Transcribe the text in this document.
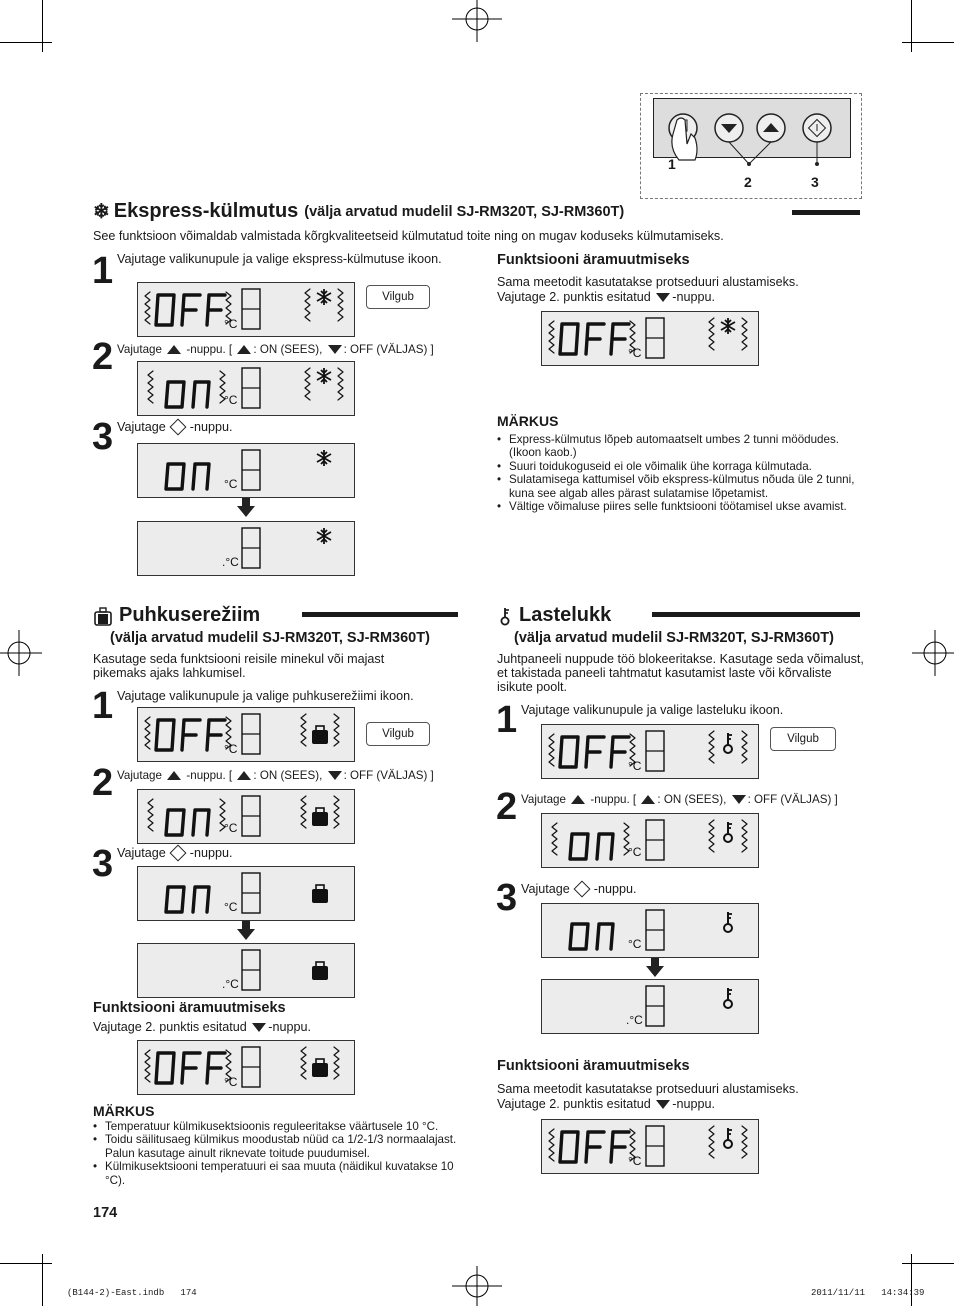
1
2	3
❄ Ekspress-külmutus (välja arvatud mudelil SJ-RM320T, SJ-RM360T)
See funktsioon võimaldab valmistada kõrgkvaliteetseid külmutatud toite ning on mugav koduseks külmutamiseks.
1 Vajutage valikunupule ja valige ekspress-külmutuse ikoon.
°C
Vilgub
2 Vajutage -nuppu. [ : ON (SEES), : OFF (VÄLJAS) ]
°C
3 Vajutage -nuppu.
°C
.°C
Funktsiooni äramuutmiseks
Sama meetodit kasutatakse protseduuri alustamiseks.
Vajutage 2. punktis esitatud -nuppu.
°C
MÄRKUS
• Express-külmutus lõpeb automaatselt umbes 2 tunni möödudes. (Ikoon kaob.)
• Suuri toidukoguseid ei ole võimalik ühe korraga külmutada.
• Sulatamisega kattumisel võib ekspress-külmutus nõuda üle 2 tunni, kuna see algab alles pärast sulatamise lõpetamist.
• Vältige võimaluse piires selle funktsiooni töötamisel ukse avamist.
Puhkuserežiim
(välja arvatud mudelil SJ-RM320T, SJ-RM360T)
Kasutage seda funktsiooni reisile minekul või majast pikemaks ajaks lahkumisel.
1 Vajutage valikunupule ja valige puhkuserežiimi ikoon.
°C
Vilgub
2 Vajutage -nuppu. [ : ON (SEES), : OFF (VÄLJAS) ]
°C
3 Vajutage -nuppu.
°C
.°C
Funktsiooni äramuutmiseks
Vajutage 2. punktis esitatud -nuppu.
°C
MÄRKUS
• Temperatuur külmikusektsioonis reguleeritakse väärtusele 10 °C.
• Toidu säilitusaeg külmikus moodustab nüüd ca 1/2-1/3 normaalajast. Palun kasutage ainult riknevate toitude puudumisel.
• Külmikusektsiooni temperatuuri ei saa muuta (näidikul kuvatakse 10 °C).
174
Lastelukk
(välja arvatud mudelil SJ-RM320T, SJ-RM360T)
Juhtpaneeli nuppude töö blokeeritakse. Kasutage seda võimalust, et takistada paneeli tahtmatut kasutamist laste või kõrvaliste isikute poolt.
1 Vajutage valikunupule ja valige lasteluku ikoon.
°C
Vilgub
2 Vajutage -nuppu. [ : ON (SEES), : OFF (VÄLJAS) ]
°C
3 Vajutage -nuppu.
°C
.°C
Funktsiooni äramuutmiseks
Sama meetodit kasutatakse protseduuri alustamiseks.
Vajutage 2. punktis esitatud -nuppu.
°C
(B144-2)-East.indb   174	2011/11/11   14:34:39
